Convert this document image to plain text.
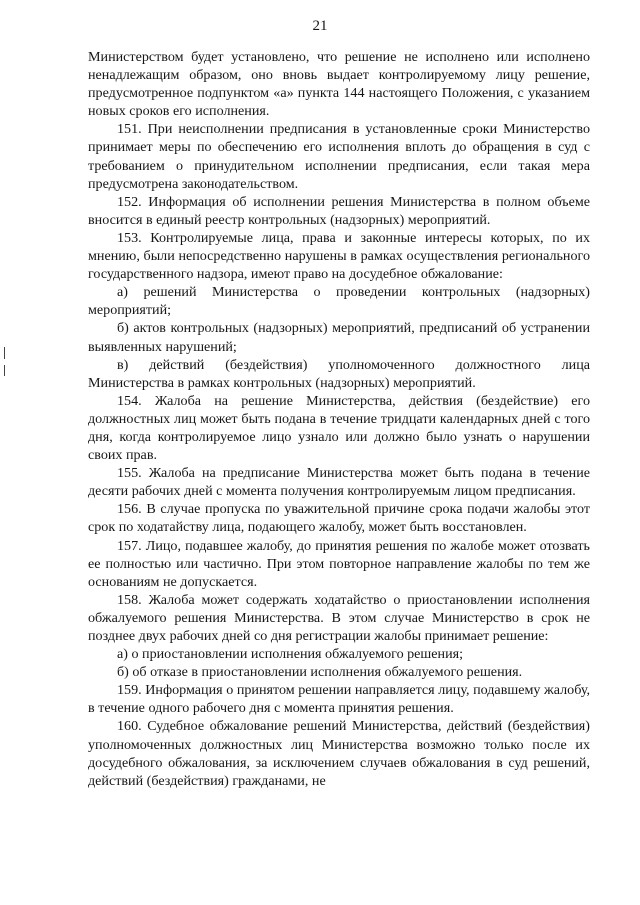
21

Министерством будет установлено, что решение не исполнено или исполнено ненадлежащим образом, оно вновь выдает контролируемому лицу решение, предусмотренное подпунктом «а» пункта 144 настоящего Положения, с указанием новых сроков его исполнения.

151. При неисполнении предписания в установленные сроки Министерство принимает меры по обеспечению его исполнения вплоть до обращения в суд с требованием о принудительном исполнении предписания, если такая мера предусмотрена законодательством.

152. Информация об исполнении решения Министерства в полном объеме вносится в единый реестр контрольных (надзорных) мероприятий.

153. Контролируемые лица, права и законные интересы которых, по их мнению, были непосредственно нарушены в рамках осуществления регионального государственного надзора, имеют право на досудебное обжалование:

а) решений Министерства о проведении контрольных (надзорных) мероприятий;

б) актов контрольных (надзорных) мероприятий, предписаний об устранении выявленных нарушений;

в) действий (бездействия) уполномоченного должностного лица Министерства в рамках контрольных (надзорных) мероприятий.

154. Жалоба на решение Министерства, действия (бездействие) его должностных лиц может быть подана в течение тридцати календарных дней с того дня, когда контролируемое лицо узнало или должно было узнать о нарушении своих прав.

155. Жалоба на предписание Министерства может быть подана в течение десяти рабочих дней с момента получения контролируемым лицом предписания.

156. В случае пропуска по уважительной причине срока подачи жалобы этот срок по ходатайству лица, подающего жалобу, может быть восстановлен.

157. Лицо, подавшее жалобу, до принятия решения по жалобе может отозвать ее полностью или частично. При этом повторное направление жалобы по тем же основаниям не допускается.

158. Жалоба может содержать ходатайство о приостановлении исполнения обжалуемого решения Министерства. В этом случае Министерство в срок не позднее двух рабочих дней со дня регистрации жалобы принимает решение:

а) о приостановлении исполнения обжалуемого решения;

б) об отказе в приостановлении исполнения обжалуемого решения.

159. Информация о принятом решении направляется лицу, подавшему жалобу, в течение одного рабочего дня с момента принятия решения.

160. Судебное обжалование решений Министерства, действий (бездействия) уполномоченных должностных лиц Министерства возможно только после их досудебного обжалования, за исключением случаев обжалования в суд решений, действий (бездействия) гражданами, не
